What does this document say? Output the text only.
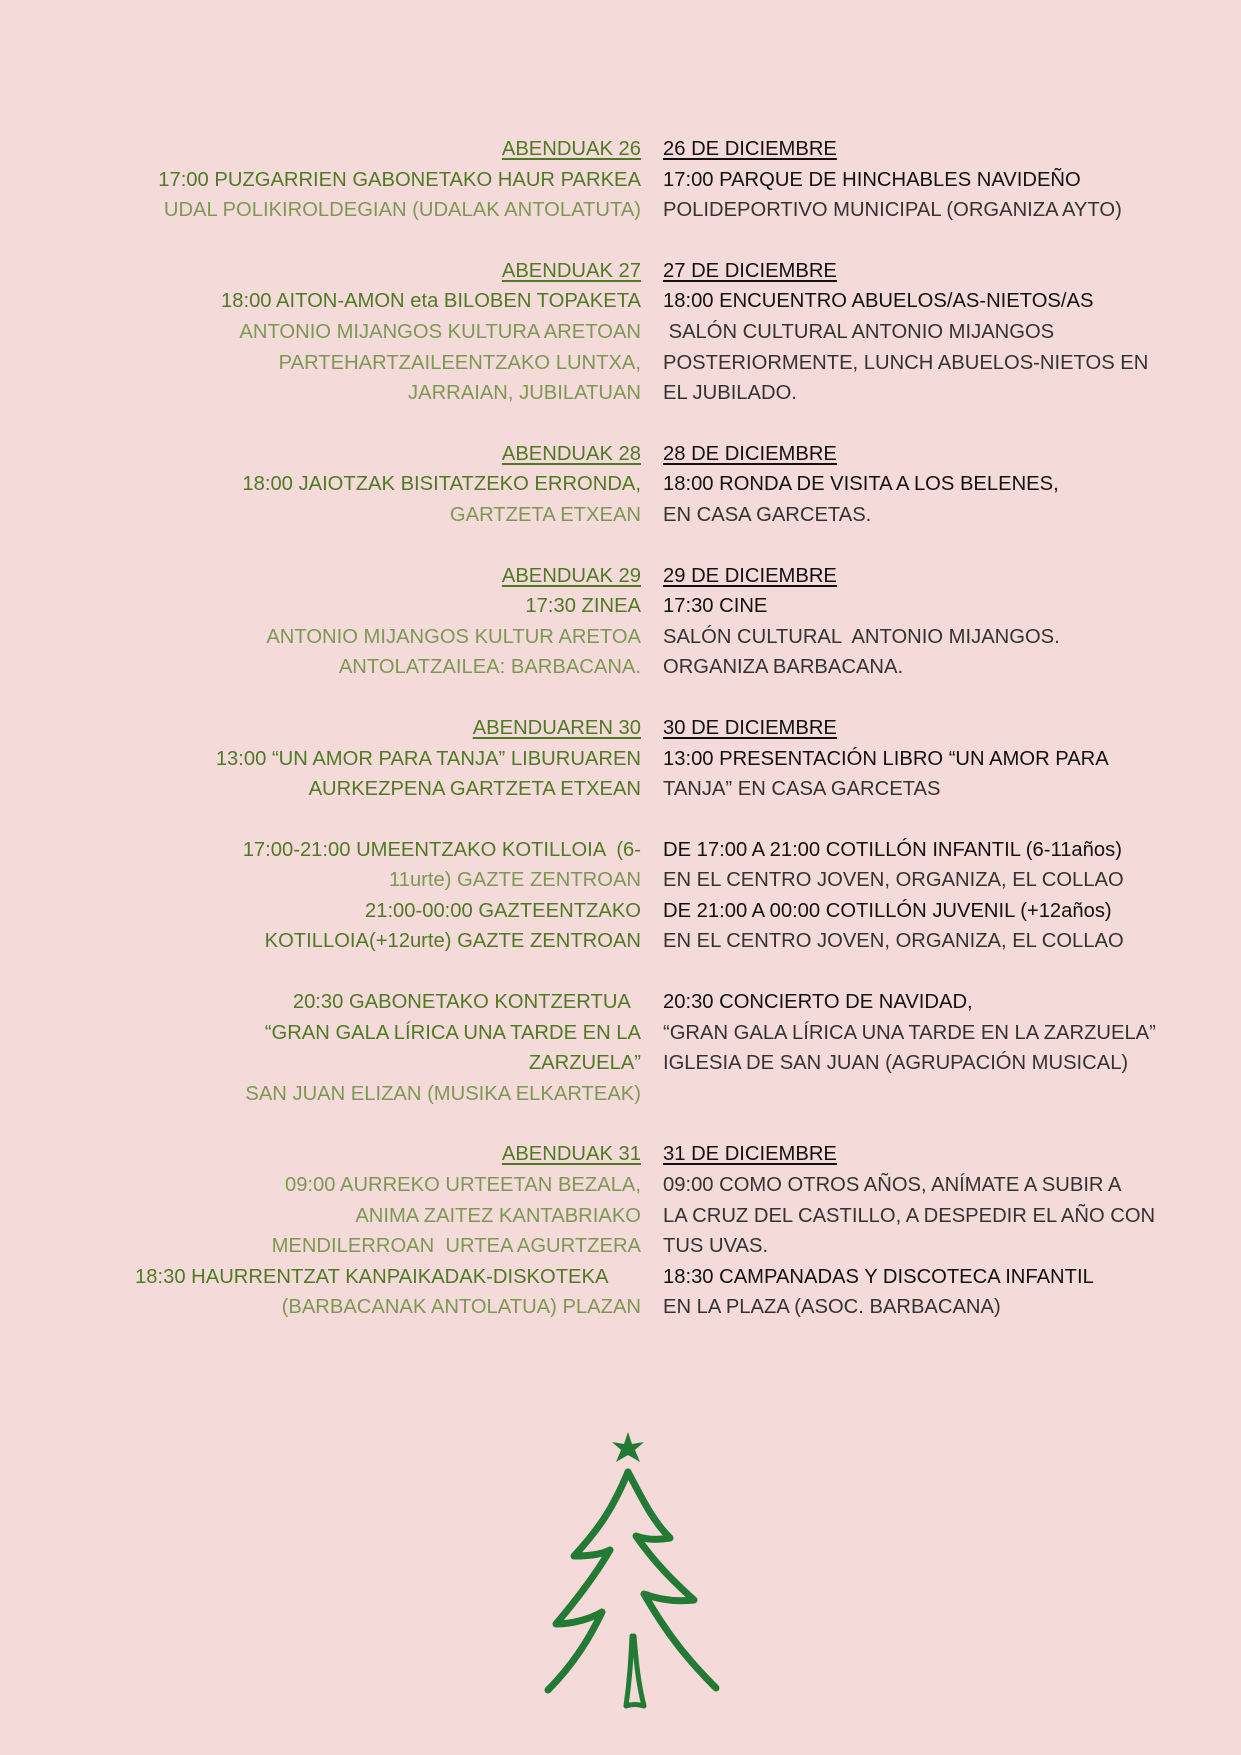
ABENDUAK 26
17:00 PUZGARRIEN GABONETAKO HAUR PARKEA
UDAL POLIKIROLDEGIAN (UDALAK ANTOLATUTA)
26 DE DICIEMBRE
17:00 PARQUE DE HINCHABLES NAVIDEÑO
POLIDEPORTIVO MUNICIPAL (ORGANIZA AYTO)
ABENDUAK 27
18:00 AITON-AMON eta BILOBEN TOPAKETA
ANTONIO MIJANGOS KULTURA ARETOAN
PARTEHARTZAILEENTZAKO LUNTXA,
JARRAIAN, JUBILATUAN
27 DE DICIEMBRE
18:00 ENCUENTRO ABUELOS/AS-NIETOS/AS
SALÓN CULTURAL ANTONIO MIJANGOS
POSTERIORMENTE, LUNCH ABUELOS-NIETOS EN
EL JUBILADO.
ABENDUAK 28
18:00 JAIOTZAK BISITATZEKO ERRONDA,
GARTZETA ETXEAN
28 DE DICIEMBRE
18:00 RONDA DE VISITA A LOS BELENES,
EN CASA GARCETAS.
ABENDUAK 29
17:30 ZINEA
ANTONIO MIJANGOS KULTUR ARETOA
ANTOLATZAILEA: BARBACANA.
29 DE DICIEMBRE
17:30 CINE
SALÓN CULTURAL  ANTONIO MIJANGOS.
ORGANIZA BARBACANA.
ABENDUAREN 30
13:00 “UN AMOR PARA TANJA” LIBURUAREN
AURKEZPENA GARTZETA ETXEAN
30 DE DICIEMBRE
13:00 PRESENTACIÓN LIBRO “UN AMOR PARA
TANJA” EN CASA GARCETAS
17:00-21:00 UMEENTZAKO KOTILLOIA  (6-
11urte) GAZTE ZENTROAN
21:00-00:00 GAZTEENTZAKO
KOTILLOIA(+12urte) GAZTE ZENTROAN
DE 17:00 A 21:00 COTILLÓN INFANTIL (6-11años)
EN EL CENTRO JOVEN, ORGANIZA, EL COLLAO
DE 21:00 A 00:00 COTILLÓN JUVENIL (+12años)
EN EL CENTRO JOVEN, ORGANIZA, EL COLLAO
20:30 GABONETAKO KONTZERTUA
“GRAN GALA LÍRICA UNA TARDE EN LA
ZARZUELA”
SAN JUAN ELIZAN (MUSIKA ELKARTEAK)
20:30 CONCIERTO DE NAVIDAD,
“GRAN GALA LÍRICA UNA TARDE EN LA ZARZUELA”
IGLESIA DE SAN JUAN (AGRUPACIÓN MUSICAL)
ABENDUAK 31
09:00 AURREKO URTEETAN BEZALA,
ANIMA ZAITEZ KANTABRIAKO
MENDILERROAN  URTEA AGURTZERA
18:30 HAURRENTZAT KANPAIKADAK-DISKOTEKA
(BARBACANAK ANTOLATUA) PLAZAN
31 DE DICIEMBRE
09:00 COMO OTROS AÑOS, ANÍMATE A SUBIR A
LA CRUZ DEL CASTILLO, A DESPEDIR EL AÑO CON
TUS UVAS.
18:30 CAMPANADAS Y DISCOTECA INFANTIL
EN LA PLAZA (ASOC. BARBACANA)
